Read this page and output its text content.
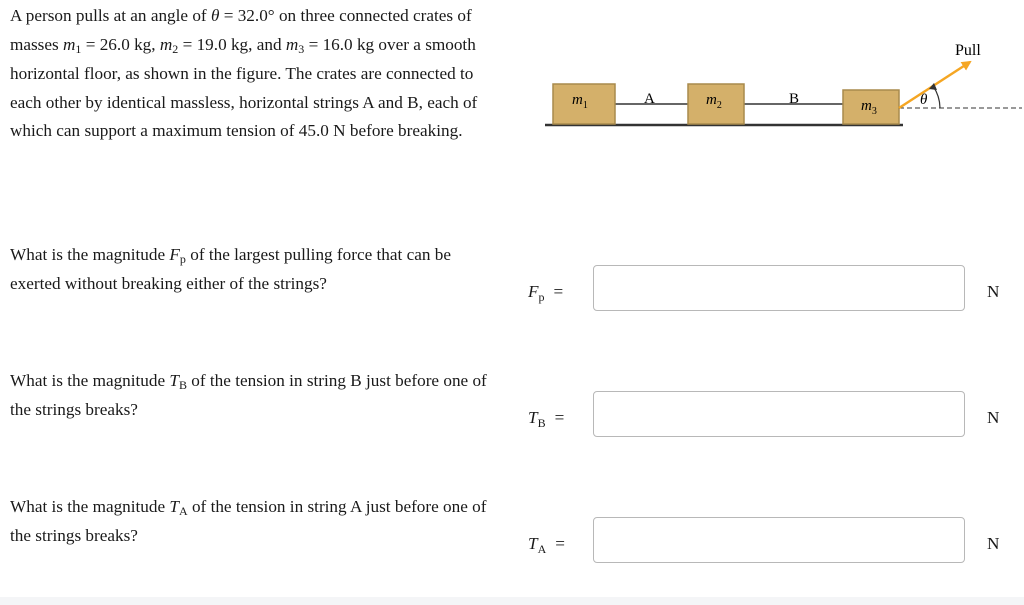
A person pulls at an angle of θ = 32.0° on three connected crates of masses m1 = 26.0 kg, m2 = 19.0 kg, and m3 = 16.0 kg over a smooth horizontal floor, as shown in the figure. The crates are connected to each other by identical massless, horizontal strings A and B, each of which can support a maximum tension of 45.0 N before breaking.
$m_1$	$m_2$	$m_3$
A	B	θ
Pull
What is the magnitude Fp of the largest pulling force that can be exerted without breaking either of the strings?	$F_p$ =	N
What is the magnitude TB of the tension in string B just before one of the strings breaks?	$T_B$ =	N
What is the magnitude TA of the tension in string A just before one of the strings breaks?	$T_A$ =	N
